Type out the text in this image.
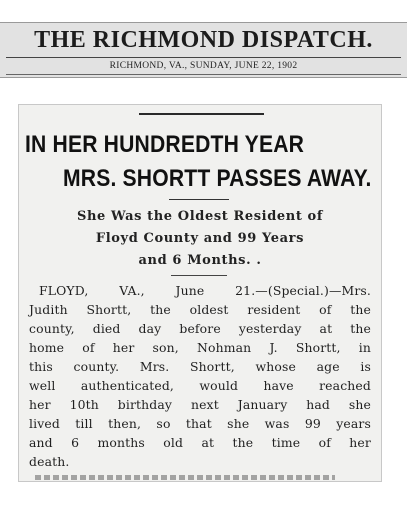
THE RICHMOND DISPATCH.
RICHMOND, VA., SUNDAY, JUNE 22, 1902
IN HER HUNDREDTH YEAR
MRS. SHORTT PASSES AWAY.
She Was the Oldest Resident of
Floyd County and 99 Years
and 6 Months. .
FLOYD, VA., June 21.—(Special.)—Mrs.
Judith Shortt, the oldest resident of the
county, died day before yesterday at the
home of her son, Nohman J. Shortt, in
this county. Mrs. Shortt, whose age is
well authenticated, would have reached
her 10th birthday next January had she
lived till then, so that she was 99 years
and 6 months old at the time of her
death.
